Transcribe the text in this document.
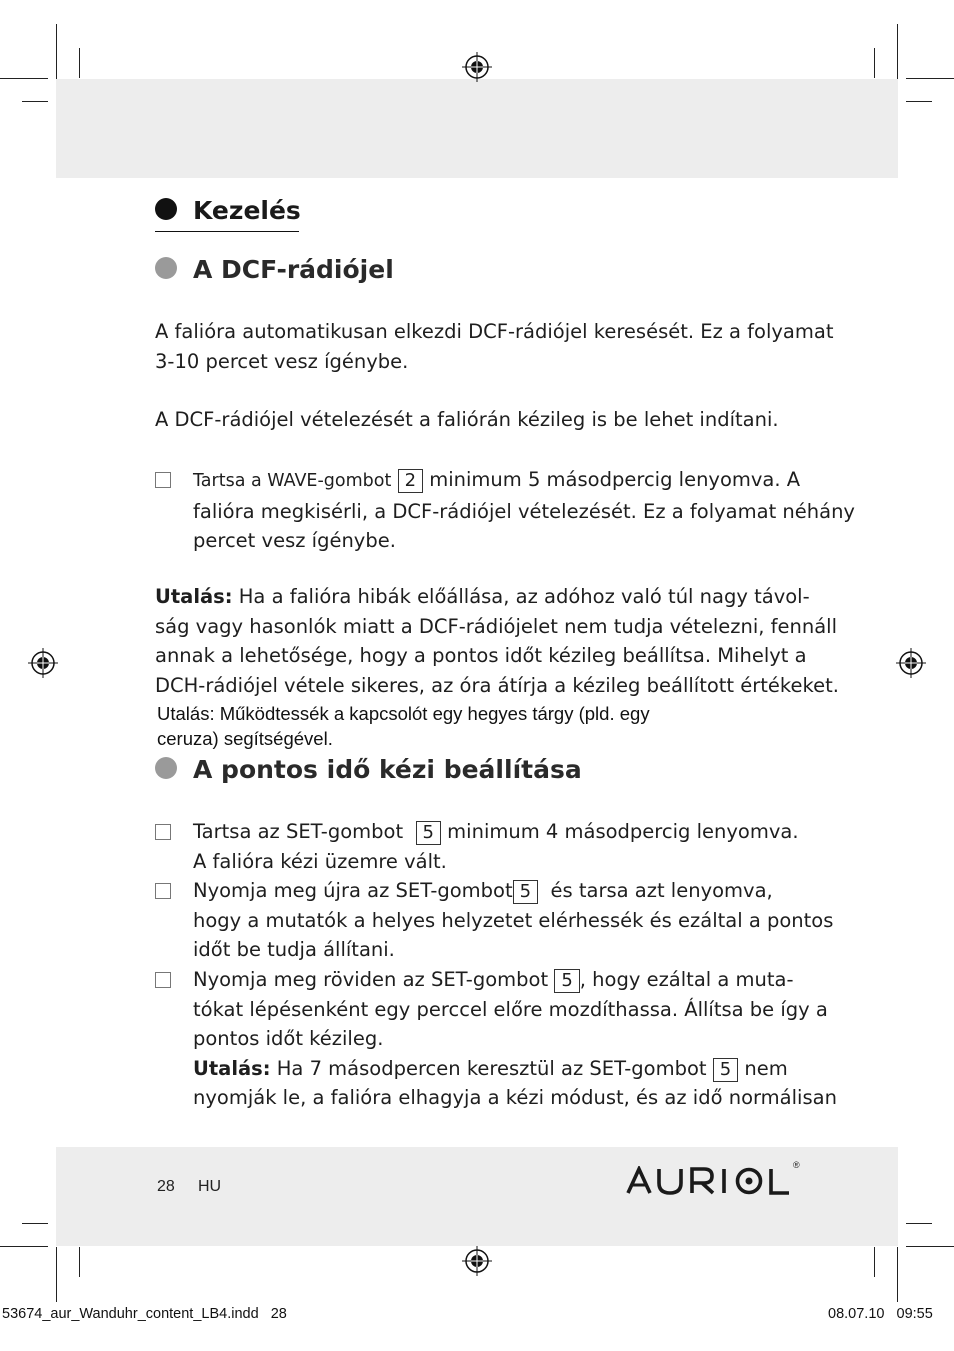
Kezelés
A DCF-rádiójel
A falióra automatikusan elkezdi DCF-rádiójel keresését. Ez a folyamat
3-10 percet vesz ígénybe.
A DCF-rádiójel vételezését a faliórán kézileg is be lehet indítani.
Tartsa a WAVE-gombot 2 minimum 5 másodpercig lenyomva. A
falióra megkisérli, a DCF-rádiójel vételezését. Ez a folyamat néhány
percet vesz ígénybe.
Utalás: Ha a falióra hibák előállása, az adóhoz való túl nagy távol-
ság vagy hasonlók miatt a DCF-rádiójelet nem tudja vételezni, fennáll
annak a lehetősége, hogy a pontos időt kézileg beállítsa. Mihelyt a
DCH-rádiójel vétele sikeres, az óra átírja a kézileg beállított értékeket.
Utalás: Működtessék a kapcsolót egy hegyes tárgy (pld. egy
ceruza) segítségével.
A pontos idő kézi beállítása
Tartsa az SET-gombot 5 minimum 4 másodpercig lenyomva.
A falióra kézi üzemre vált.
Nyomja meg újra az SET-gombot 5 és tarsa azt lenyomva,
hogy a mutatók a helyes helyzetet elérhessék és ezáltal a pontos
időt be tudja állítani.
Nyomja meg röviden az SET-gombot 5 , hogy ezáltal a muta-
tókat lépésenként egy perccel előre mozdíthassa. Állítsa be így a
pontos időt kézileg.
Utalás: Ha 7 másodpercen keresztül az SET-gombot 5 nem
nyomják le, a falióra elhagyja a kézi módust, és az idő normálisan
28 HU
®
53674_aur_Wanduhr_content_LB4.indd   28	08.07.10   09:55
